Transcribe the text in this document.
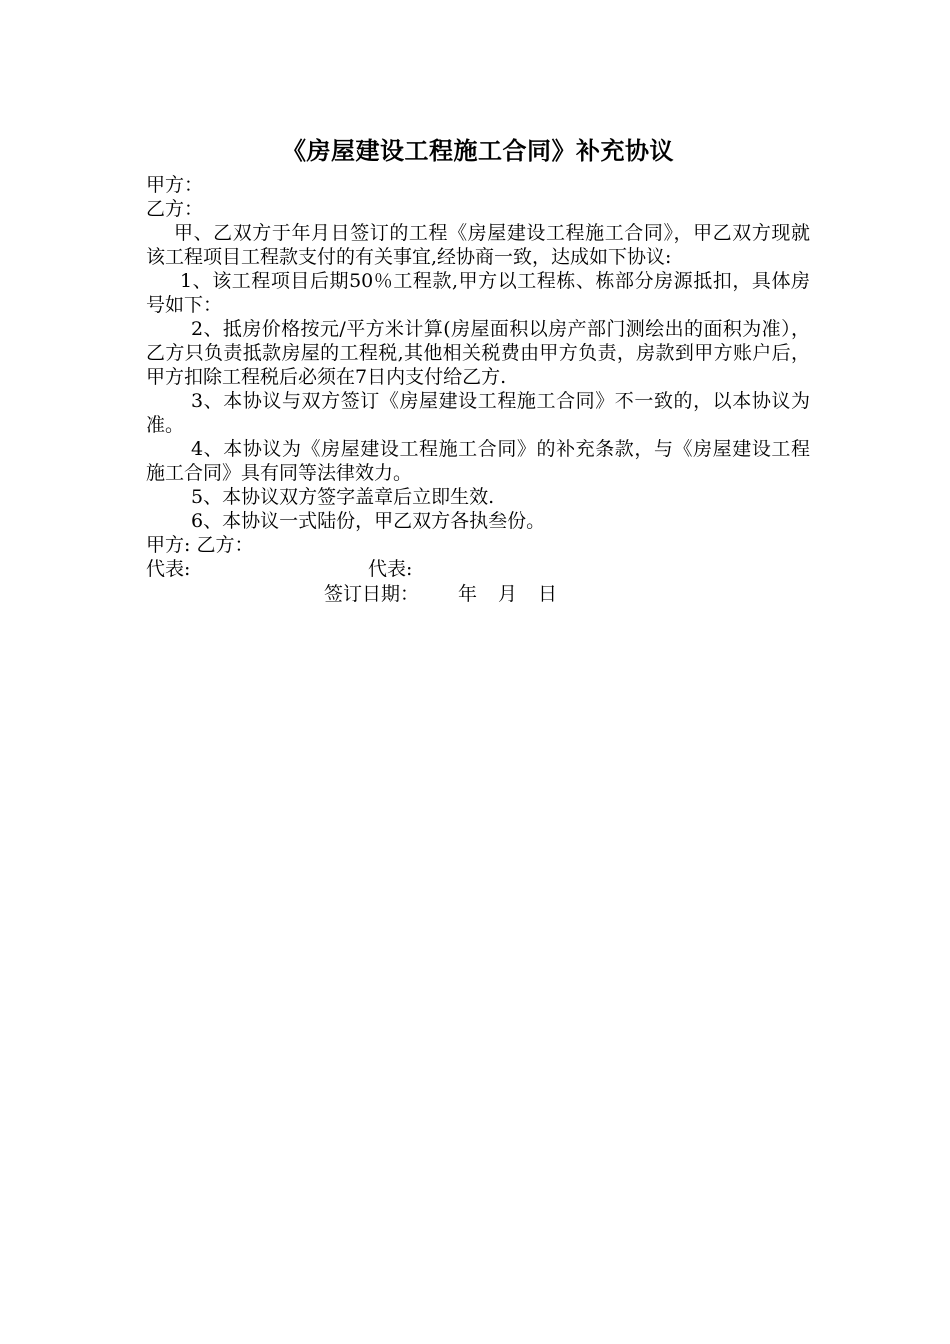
《房屋建设工程施工合同》补充协议

甲方：

乙方：

甲、乙双方于年月日签订的工程《房屋建设工程施工合同》，甲乙双方现就该工程项目工程款支付的有关事宜,经协商一致，达成如下协议:

1、该工程项目后期50％工程款,甲方以工程栋、栋部分房源抵扣，具体房号如下：

2、抵房价格按元/平方米计算(房屋面积以房产部门测绘出的面积为准），乙方只负责抵款房屋的工程税,其他相关税费由甲方负责，房款到甲方账户后，甲方扣除工程税后必须在7日内支付给乙方.

3、本协议与双方签订《房屋建设工程施工合同》不一致的，以本协议为准。

4、本协议为《房屋建设工程施工合同》的补充条款，与《房屋建设工程施工合同》具有同等法律效力。

5、本协议双方签字盖章后立即生效.

6、本协议一式陆份，甲乙双方各执叁份。

甲方: 乙方：

代表:	代表:
签订日期： 年 月 日
